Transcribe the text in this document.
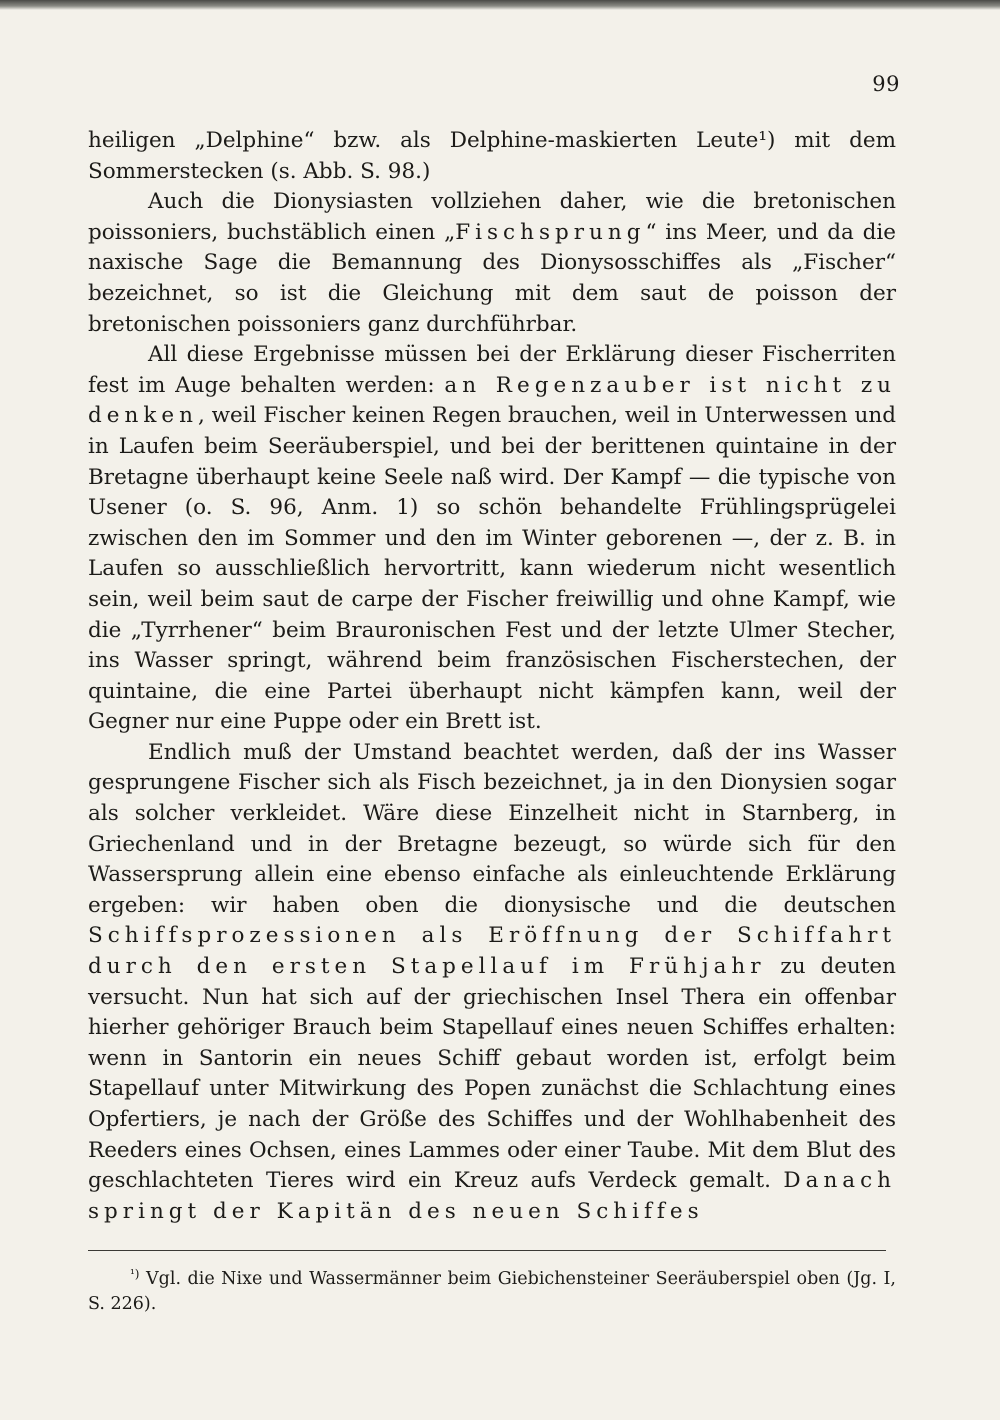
99

heiligen „Delphine“ bzw. als Delphine-maskierten Leute¹) mit dem Sommerstecken (s. Abb. S. 98.)

Auch die Dionysiasten vollziehen daher, wie die bretonischen poissoniers, buchstäblich einen „Fischsprung“ ins Meer, und da die naxische Sage die Bemannung des Dionysosschiffes als „Fischer“ bezeichnet, so ist die Gleichung mit dem saut de poisson der bretonischen poissoniers ganz durchführbar.

All diese Ergebnisse müssen bei der Erklärung dieser Fischerriten fest im Auge behalten werden: an Regenzauber ist nicht zu denken, weil Fischer keinen Regen brauchen, weil in Unterwessen und in Laufen beim Seeräuberspiel, und bei der berittenen quintaine in der Bretagne überhaupt keine Seele naß wird. Der Kampf — die typische von Usener (o. S. 96, Anm. 1) so schön behandelte Frühlingsprügelei zwischen den im Sommer und den im Winter geborenen —, der z. B. in Laufen so ausschließlich hervortritt, kann wiederum nicht wesentlich sein, weil beim saut de carpe der Fischer freiwillig und ohne Kampf, wie die „Tyrrhener“ beim Brauronischen Fest und der letzte Ulmer Stecher, ins Wasser springt, während beim französischen Fischerstechen, der quintaine, die eine Partei überhaupt nicht kämpfen kann, weil der Gegner nur eine Puppe oder ein Brett ist.

Endlich muß der Umstand beachtet werden, daß der ins Wasser gesprungene Fischer sich als Fisch bezeichnet, ja in den Dionysien sogar als solcher verkleidet. Wäre diese Einzelheit nicht in Starnberg, in Griechenland und in der Bretagne bezeugt, so würde sich für den Wassersprung allein eine ebenso einfache als einleuchtende Erklärung ergeben: wir haben oben die dionysische und die deutschen Schiffsprozessionen als Eröffnung der Schiffahrt durch den ersten Stapellauf im Frühjahr zu deuten versucht. Nun hat sich auf der griechischen Insel Thera ein offenbar hierher gehöriger Brauch beim Stapellauf eines neuen Schiffes erhalten: wenn in Santorin ein neues Schiff gebaut worden ist, erfolgt beim Stapellauf unter Mitwirkung des Popen zunächst die Schlachtung eines Opfertiers, je nach der Größe des Schiffes und der Wohlhabenheit des Reeders eines Ochsen, eines Lammes oder einer Taube. Mit dem Blut des geschlachteten Tieres wird ein Kreuz aufs Verdeck gemalt. Danach springt der Kapitän des neuen Schiffes

$^{^1)}$ Vgl. die Nixe und Wassermänner beim Giebichensteiner Seeräuberspiel oben (Jg. I, S. 226).
